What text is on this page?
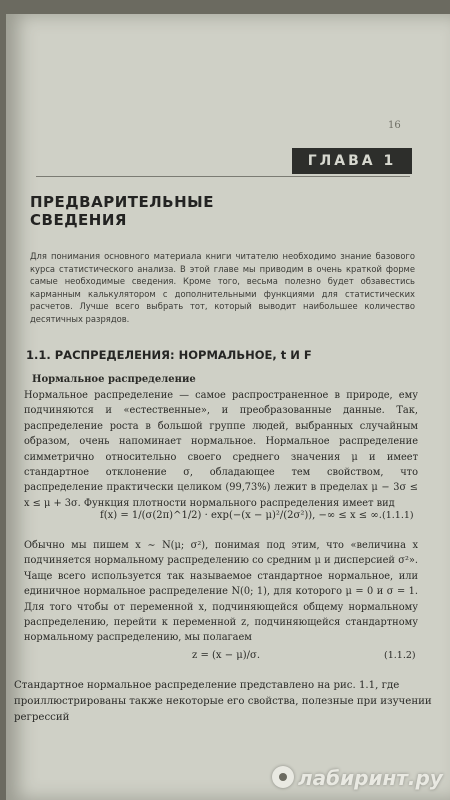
16
ГЛАВА 1
ПРЕДВАРИТЕЛЬНЫЕ
СВЕДЕНИЯ
Для понимания основного материала книги читателю необходимо знание базового курса статистического анализа. В этой главе мы приводим в очень краткой форме самые необходимые сведения. Кроме того, весьма полезно будет обзавестись карманным калькулятором с дополнительными функциями для статистических расчетов. Лучше всего выбрать тот, который выводит наибольшее количество десятичных разрядов.
1.1. РАСПРЕДЕЛЕНИЯ: НОРМАЛЬНОЕ, t И F
Нормальное распределение
Нормальное распределение — самое распространенное в природе, ему подчиняются и «естественные», и преобразованные данные. Так, распределение роста в большой группе людей, выбранных случайным образом, очень напоминает нормальное. Нормальное распределение симметрично относительно своего среднего значения μ и имеет стандартное отклонение σ, обладающее тем свойством, что распределение практически целиком (99,73%) лежит в пределах μ − 3σ ≤ x ≤ μ + 3σ. Функция плотности нормального распределения имеет вид
f(x) = 1/(σ(2π)^1/2) · exp(−(x − μ)²/(2σ²)), −∞ ≤ x ≤ ∞. (1.1.1)
Обычно мы пишем x ∼ N(μ; σ²), понимая под этим, что «величина x подчиняется нормальному распределению со средним μ и дисперсией σ²». Чаще всего используется так называемое стандартное нормальное, или единичное нормальное распределение N(0; 1), для которого μ = 0 и σ = 1. Для того чтобы от переменной x, подчиняющейся общему нормальному распределению, перейти к переменной z, подчиняющейся стандартному нормальному распределению, мы полагаем
z = (x − μ)/σ.	(1.1.2)
Стандартное нормальное распределение представлено на рис. 1.1, где проиллюстрированы также некоторые его свойства, полезные при изучении регрессий
лабиринт.ру
